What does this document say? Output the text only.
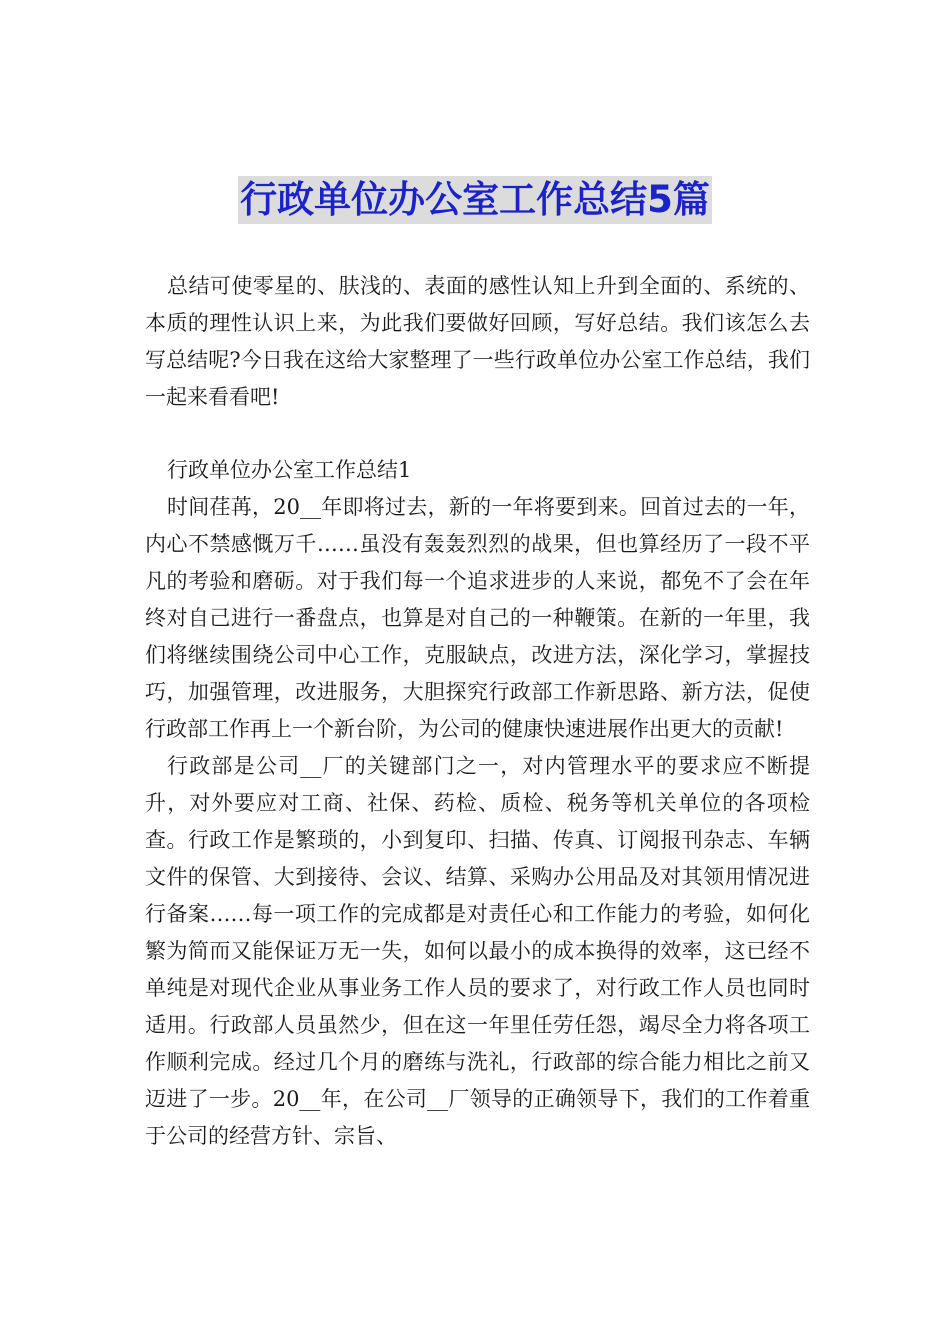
行政单位办公室工作总结5篇

总结可使零星的、肤浅的、表面的感性认知上升到全面的、系统的、本质的理性认识上来，为此我们要做好回顾，写好总结。我们该怎么去写总结呢?今日我在这给大家整理了一些行政单位办公室工作总结，我们一起来看看吧!

行政单位办公室工作总结1

时间荏苒，20__年即将过去，新的一年将要到来。回首过去的一年，内心不禁感慨万千……虽没有轰轰烈烈的战果，但也算经历了一段不平凡的考验和磨砺。对于我们每一个追求进步的人来说，都免不了会在年终对自己进行一番盘点，也算是对自己的一种鞭策。在新的一年里，我们将继续围绕公司中心工作，克服缺点，改进方法，深化学习，掌握技巧，加强管理，改进服务，大胆探究行政部工作新思路、新方法，促使行政部工作再上一个新台阶，为公司的健康快速进展作出更大的贡献!

行政部是公司__厂的关键部门之一，对内管理水平的要求应不断提升，对外要应对工商、社保、药检、质检、税务等机关单位的各项检查。行政工作是繁琐的，小到复印、扫描、传真、订阅报刊杂志、车辆文件的保管、大到接待、会议、结算、采购办公用品及对其领用情况进行备案……每一项工作的完成都是对责任心和工作能力的考验，如何化繁为简而又能保证万无一失，如何以最小的成本换得的效率，这已经不单纯是对现代企业从事业务工作人员的要求了，对行政工作人员也同时适用。行政部人员虽然少，但在这一年里任劳任怨，竭尽全力将各项工作顺利完成。经过几个月的磨练与洗礼，行政部的综合能力相比之前又迈进了一步。20__年，在公司__厂领导的正确领导下，我们的工作着重于公司的经营方针、宗旨、
